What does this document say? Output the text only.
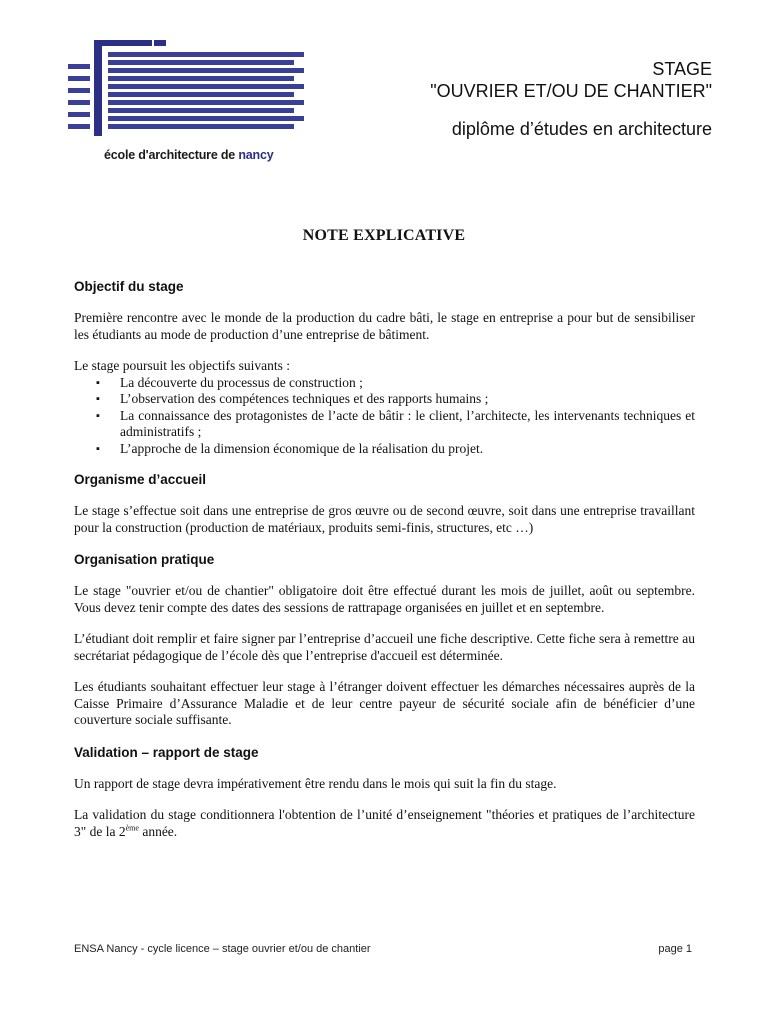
école d'architecture de nancy
STAGE
"OUVRIER ET/OU DE CHANTIER"
diplôme d’études en architecture
NOTE EXPLICATIVE
Objectif du stage

Première rencontre avec le monde de la production du cadre bâti, le stage en entreprise a pour but de sensibiliser les étudiants au mode de production d’une entreprise de bâtiment.

Le stage poursuit les objectifs suivants :

▪ La découverte du processus de construction ;
▪ L’observation des compétences techniques et des rapports humains ;
▪ La connaissance des protagonistes de l’acte de bâtir : le client, l’architecte, les intervenants techniques et administratifs ;
▪ L’approche de la dimension économique de la réalisation du projet.
Organisme d’accueil

Le stage s’effectue soit dans une entreprise de gros œuvre ou de second œuvre, soit dans une entreprise travaillant pour la construction (production de matériaux, produits semi-finis, structures, etc …)

Organisation pratique

Le stage "ouvrier et/ou de chantier" obligatoire doit être effectué durant les mois de juillet, août ou septembre. Vous devez tenir compte des dates des sessions de rattrapage organisées en juillet et en septembre.

L’étudiant doit remplir et faire signer par l’entreprise d’accueil une fiche descriptive. Cette fiche sera à remettre au secrétariat pédagogique de l’école dès que l’entreprise d'accueil est déterminée.

Les étudiants souhaitant effectuer leur stage à l’étranger doivent effectuer les démarches nécessaires auprès de la Caisse Primaire d’Assurance Maladie et de leur centre payeur de sécurité sociale afin de bénéficier d’une couverture sociale suffisante.

Validation – rapport de stage

Un rapport de stage devra impérativement être rendu dans le mois qui suit la fin du stage.

La validation du stage conditionnera l'obtention de l’unité d’enseignement "théories et pratiques de l’architecture 3" de la 2ème année.

ENSA Nancy - cycle licence – stage ouvrier et/ou de chantier	page 1
